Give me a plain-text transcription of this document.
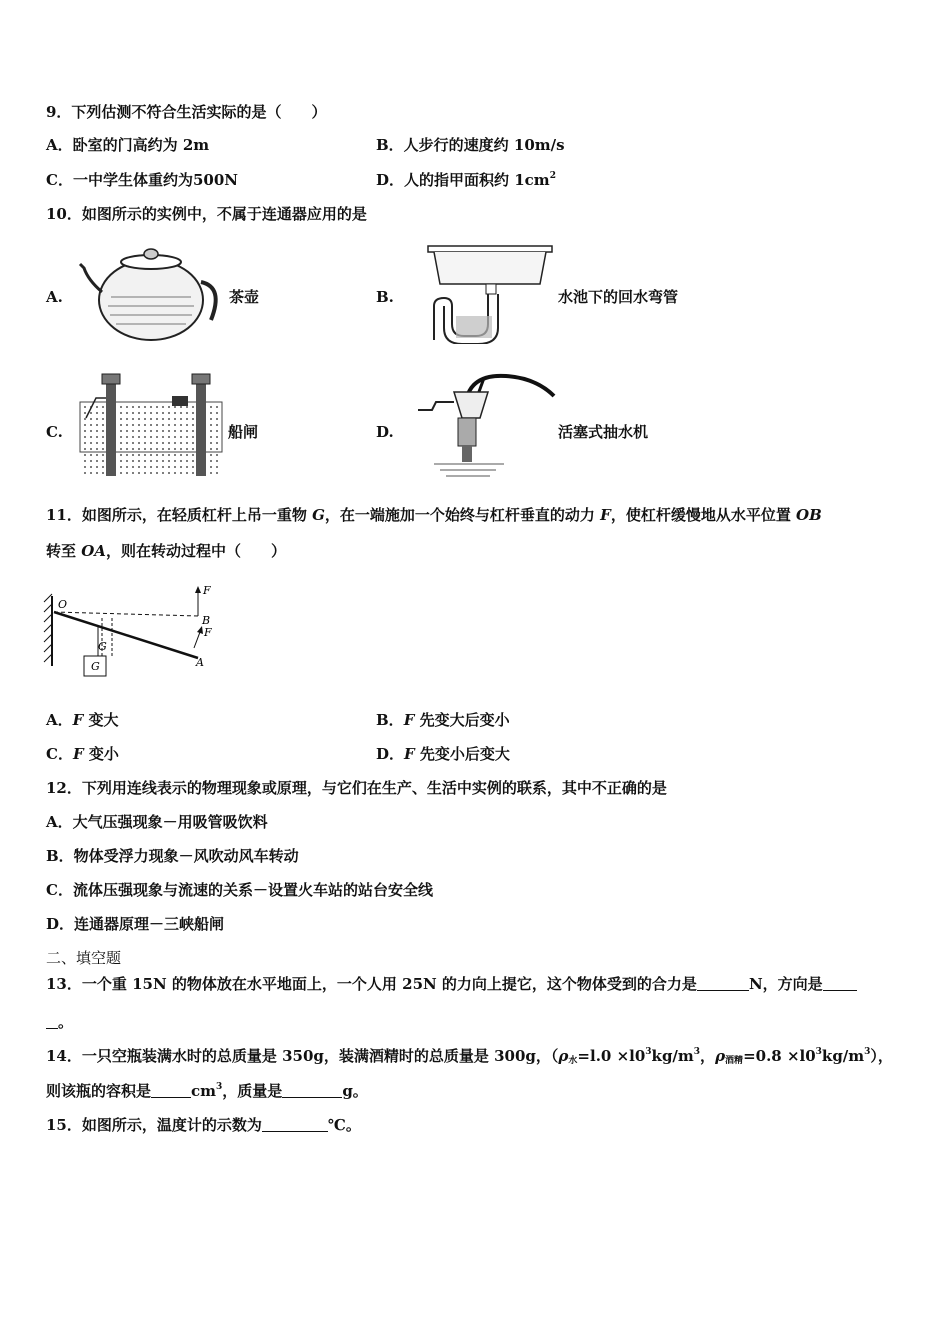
9．下列估测不符合生活实际的是（　　）
A．卧室的门高约为 2m	B．人步行的速度约 10m/s
C．一中学生体重约为500N	D．人的指甲面积约 $1cm^2$
10．如图所示的实例中，不属于连通器应用的是
A.	茶壶	B.	水池下的回水弯管
C.	船闸	D.	活塞式抽水机
11．如图所示，在轻质杠杆上吊一重物 G，在一端施加一个始终与杠杆垂直的动力 F，使杠杆缓慢地从水平位置 OB
转至 OA，则在转动过程中（　　）
O
F
B
F
A
G
G
A．F 变大	B．F 先变大后变小
C．F 变小	D．F 先变小后变大
12．下列用连线表示的物理现象或原理，与它们在生产、生活中实例的联系，其中不正确的是
A．大气压强现象－用吸管吸饮料
B．物体受浮力现象－风吹动风车转动
C．流体压强现象与流速的关系－设置火车站的站台安全线
D．连通器原理－三峡船闸
二、填空题
13．一个重 15N 的物体放在水平地面上，一个人用 25N 的力向上提它，这个物体受到的合力是	N，方向是
。
14．一只空瓶装满水时的总质量是 350g，装满酒精时的总质量是 300g，（$\rho_水=l.0 \times l0^3kg/m^3$，$\rho_{酒精}=0.8 \times l0^3kg/m^3$），
则该瓶的容积是	$cm^3$，质量是	g。
15．如图所示，温度计的示数为	℃。
